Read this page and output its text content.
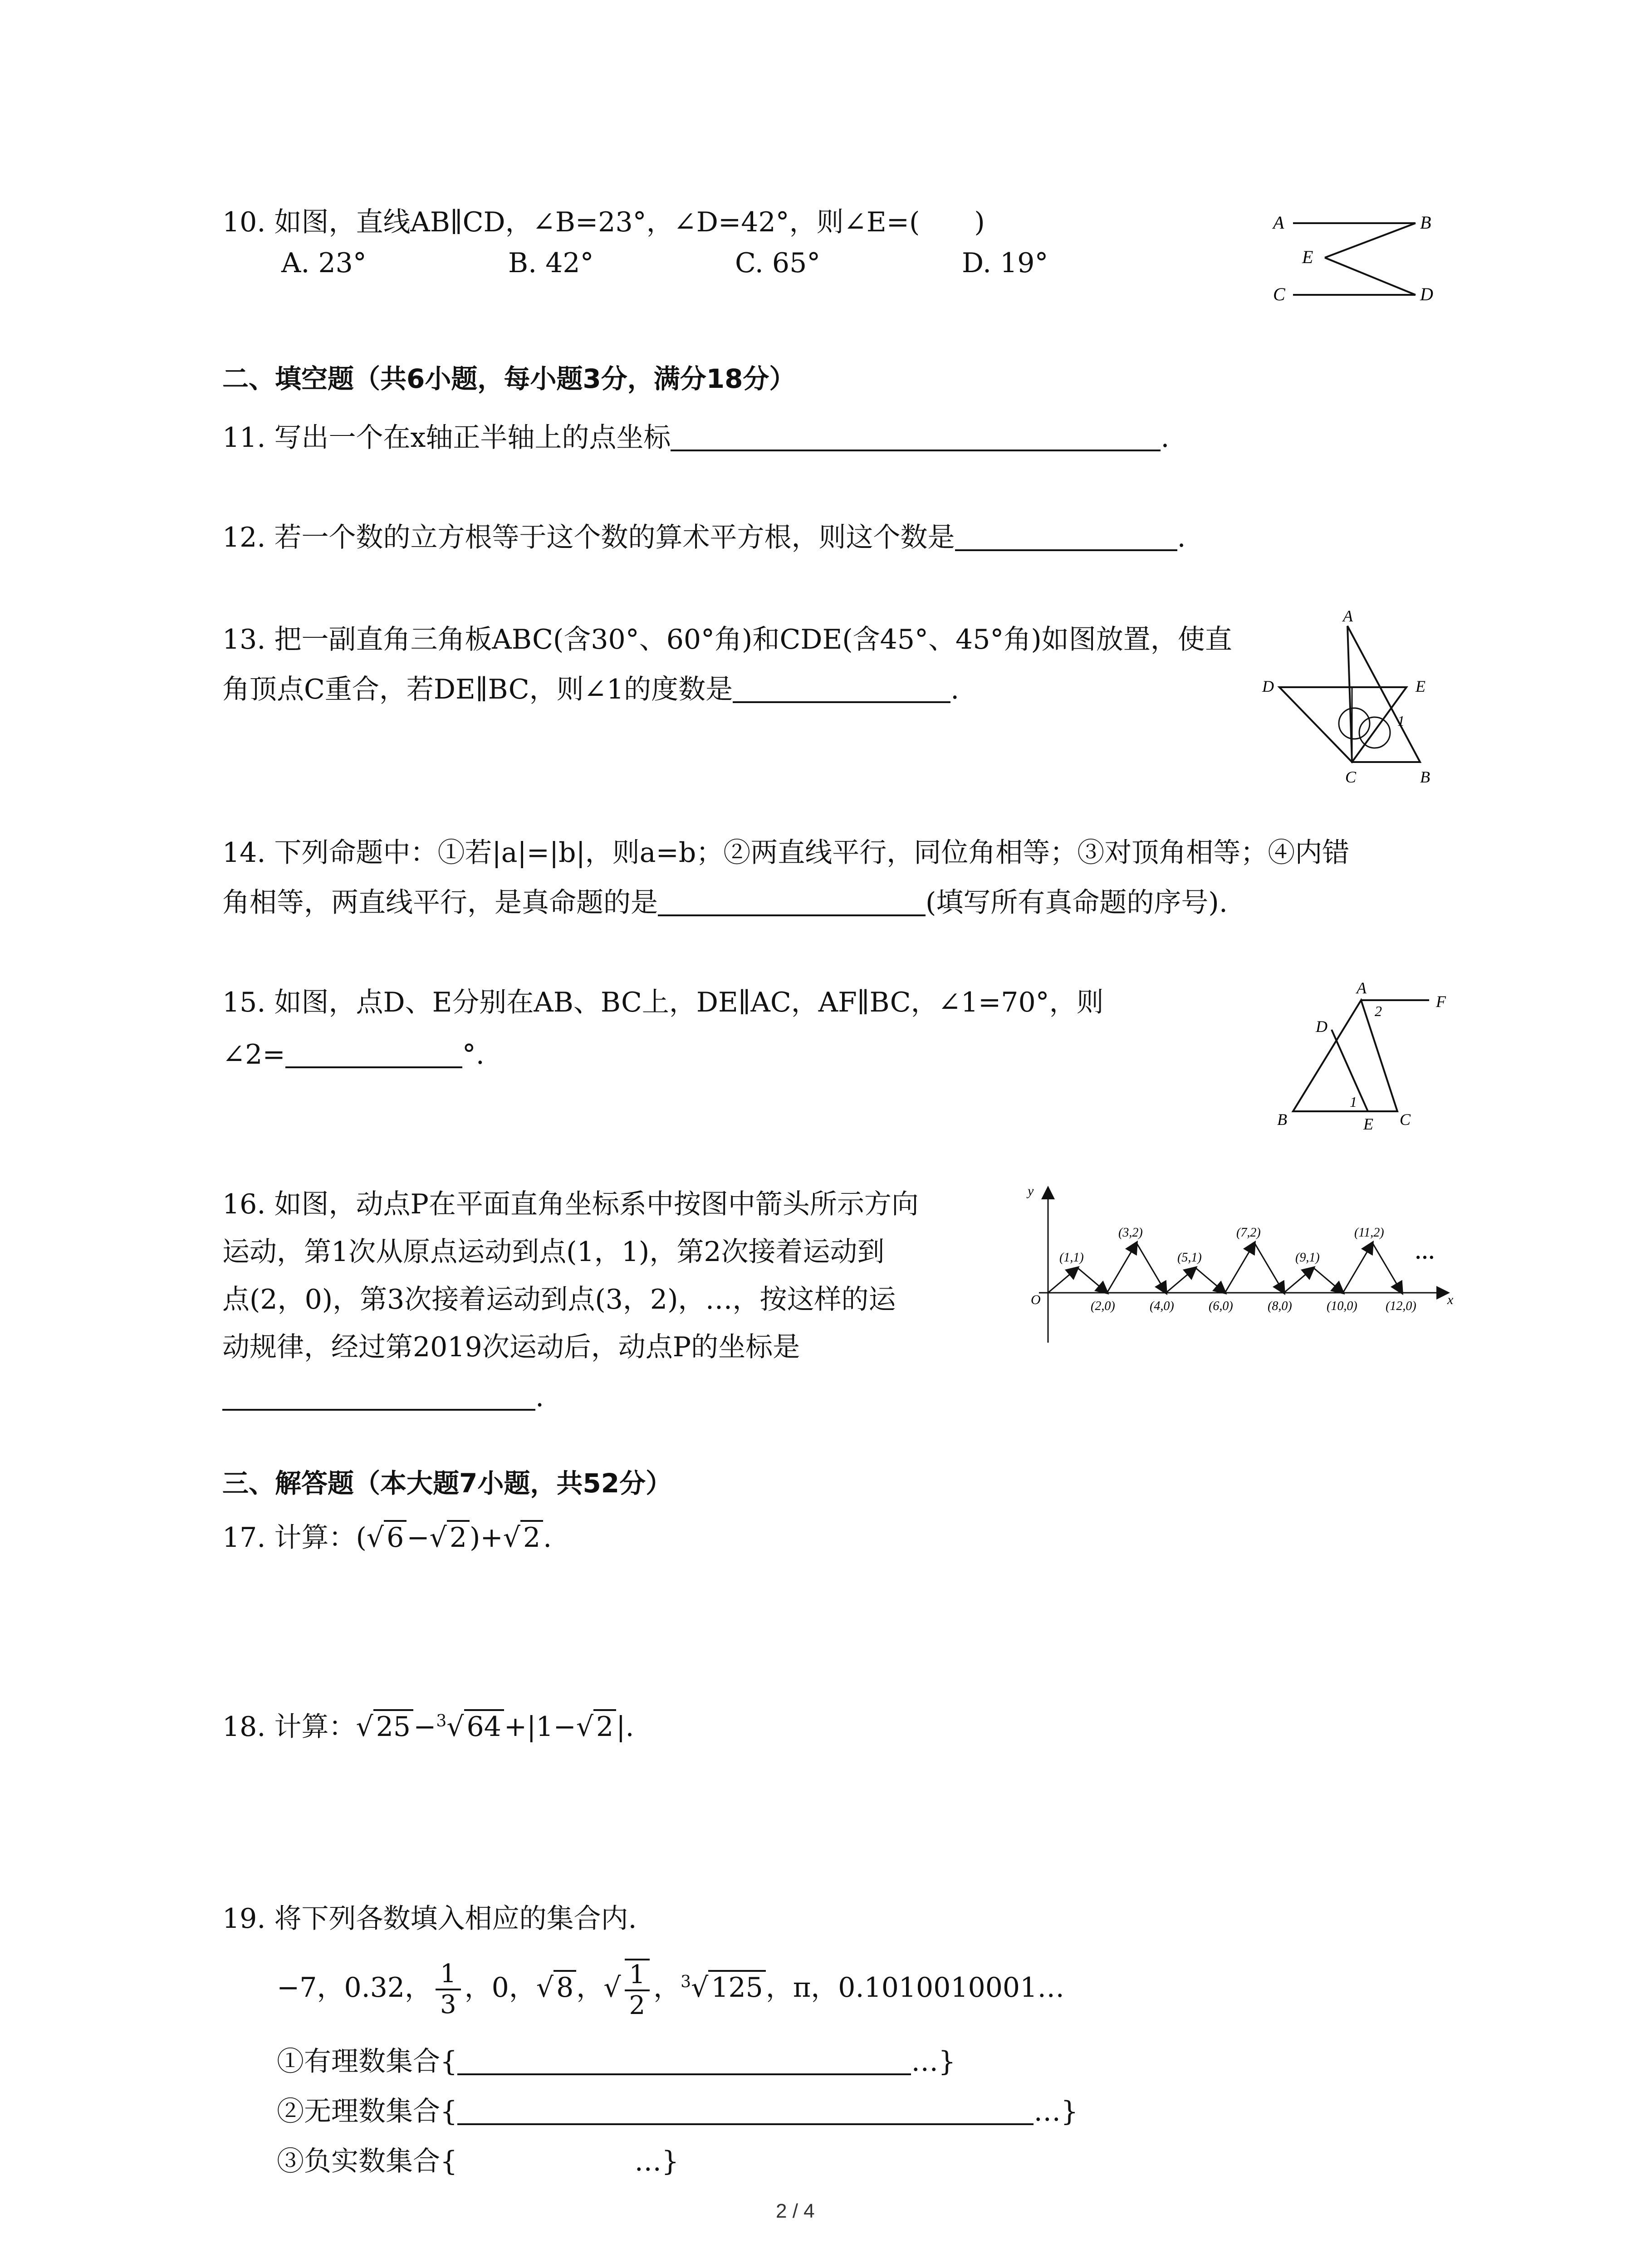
10. 如图，直线AB∥CD，∠B=23°，∠D=42°，则∠E=(　　)
A. 23°	B. 42°	C. 65°	D. 19°
A	B
E
C	D
二、填空题（共6小题，每小题3分，满分18分）
11. 写出一个在x轴正半轴上的点坐标	.
12. 若一个数的立方根等于这个数的算术平方根，则这个数是	.
13. 把一副直角三角板ABC(含30°、60°角)和CDE(含45°、45°角)如图放置，使直
角顶点C重合，若DE∥BC，则∠1的度数是	.
A
D	E
1
C	B
14. 下列命题中：①若|a|=|b|，则a=b；②两直线平行，同位角相等；③对顶角相等；④内错
角相等，两直线平行，是真命题的是	(填写所有真命题的序号).
15. 如图，点D、E分别在AB、BC上，DE∥AC，AF∥BC，∠1=70°，则
∠2=	°.
A
2
F
D
1
B	E C
16. 如图，动点P在平面直角坐标系中按图中箭头所示方向
运动，第1次从原点运动到点(1，1)，第2次接着运动到
点(2，0)，第3次接着运动到点(3，2)，…，按这样的运
动规律，经过第2019次运动后，动点P的坐标是
.
y
x
O
(1,1)
(3,2)
(5,1)
(7,2)
(9,1)
(11,2)
(2,0)	(4,0)	(6,0)	(8,0)	(10,0) (12,0)
…
三、解答题（本大题7小题，共52分）
17. 计算：(√ 6 −√ 2 )+√ 2 .
18. 计算：√ 25 −$^3$√ 64 +|1−√ 2 |.
19. 将下列各数填入相应的集合内.
−7，0.32， $\frac{1}{3}$ ，0，√ 8 ，√ $\frac{1}{2}$ ，$^3$√ 125 ，π，0.1010010001…
①有理数集合{	…}
②无理数集合{	…}
③负实数集合{	…}
2 / 4
